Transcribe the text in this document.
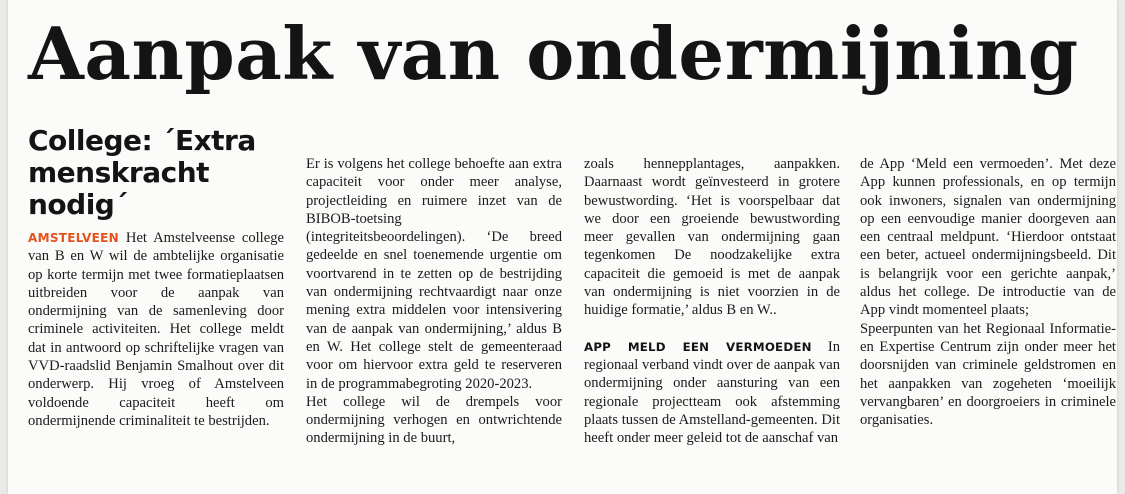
Aanpak van ondermijning
College: ´Extra menskracht nodig´

AMSTELVEEN Het Amstelveense college van B en W wil de ambtelijke organisatie op korte termijn met twee formatieplaatsen uitbreiden voor de aanpak van ondermijning van de samenleving door criminele activiteiten. Het college meldt dat in antwoord op schriftelijke vragen van VVD-raadslid Benjamin Smalhout over dit onderwerp. Hij vroeg of Amstelveen voldoende capaciteit heeft om ondermijnende criminaliteit te bestrijden.

Er is volgens het college behoefte aan extra capaciteit voor onder meer analyse, projectleiding en ruimere inzet van de BIBOB-toetsing (integriteitsbeoordelingen). ‘De breed gedeelde en snel toenemende urgentie om voortvarend in te zetten op de bestrijding van ondermijning rechtvaardigt naar onze mening extra middelen voor intensivering van de aanpak van ondermijning,’ aldus B en W. Het college stelt de gemeenteraad voor om hiervoor extra geld te reserveren in de programmabegroting 2020-2023.

Het college wil de drempels voor ondermijning verhogen en ontwrichtende ondermijning in de buurt,

zoals hennepplantages, aanpakken. Daarnaast wordt geïnvesteerd in grotere bewustwording. ‘Het is voorspelbaar dat we door een groeiende bewustwording meer gevallen van ondermijning gaan tegenkomen De noodzakelijke extra capaciteit die gemoeid is met de aanpak van ondermijning is niet voorzien in de huidige formatie,’ aldus B en W..

APP MELD EEN VERMOEDEN In regionaal verband vindt over de aanpak van ondermijning onder aansturing van een regionale projectteam ook afstemming plaats tussen de Amstelland-gemeenten. Dit heeft onder meer geleid tot de aanschaf van

de App ‘Meld een vermoeden’. Met deze App kunnen professionals, en op termijn ook inwoners, signalen van ondermijning op een eenvoudige manier doorgeven aan een centraal meldpunt. ‘Hierdoor ontstaat een beter, actueel ondermijningsbeeld. Dit is belangrijk voor een gerichte aanpak,’ aldus het college. De introductie van de App vindt momenteel plaats;

Speerpunten van het Regionaal Informatie- en Expertise Centrum zijn onder meer het doorsnijden van criminele geldstromen en het aanpakken van zogeheten ‘moeilijk vervangbaren’ en doorgroeiers in criminele organisaties.
